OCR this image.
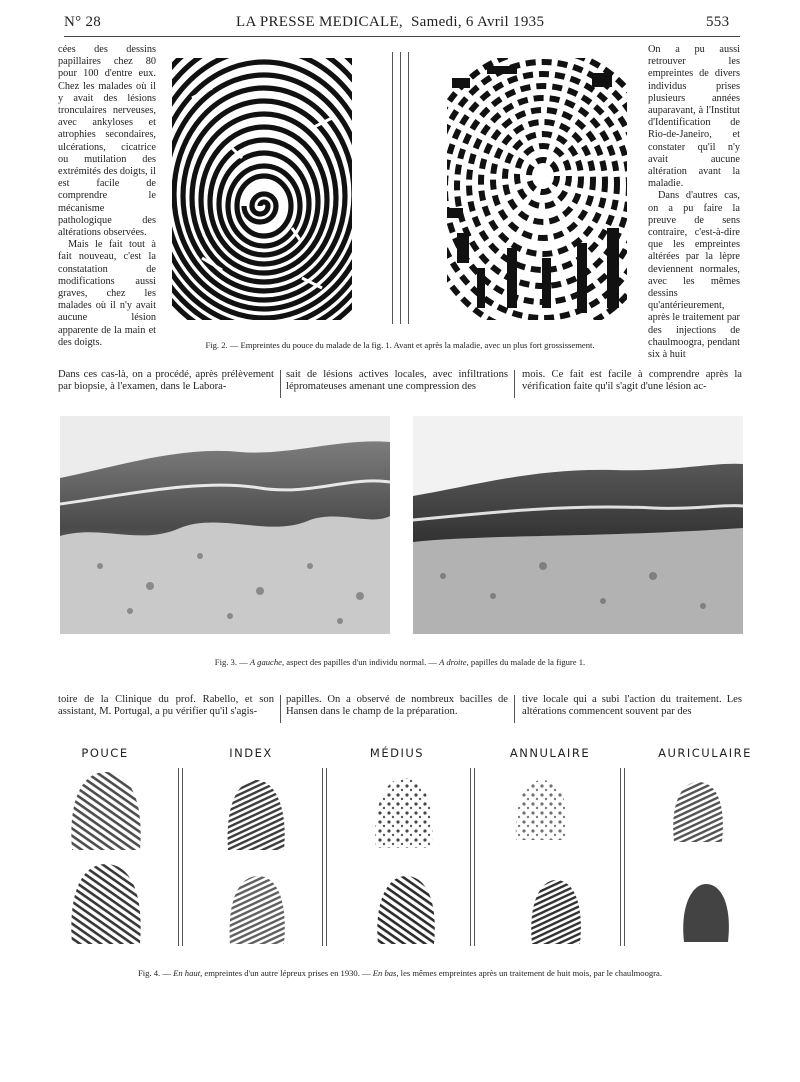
N° 28	LA PRESSE MEDICALE, Samedi, 6 Avril 1935	553

cées des dessins papillaires chez 80 pour 100 d'entre eux. Chez les malades où il y avait des lésions tronculaires nerveuses, avec ankyloses et atrophies secondaires, ulcérations, cicatrice ou mutilation des extrémités des doigts, il est facile de comprendre le mécanisme pathologique des altérations observées.

Mais le fait tout à fait nouveau, c'est la constatation de modifications aussi graves, chez les malades où il n'y avait aucune lésion apparente de la main et des doigts.

On a pu aussi retrouver les empreintes de divers individus prises plusieurs années auparavant, à l'Institut d'Identification de Rio-de-Janeiro, et constater qu'il n'y avait aucune altération avant la maladie.

Dans d'autres cas, on a pu faire la preuve de sens contraire, c'est-à-dire que les empreintes altérées par la lèpre deviennent normales, avec les mêmes dessins qu'antérieurement, après le traitement par des injections de chaulmoogra, pendant six à huit

Fig. 2. — Empreintes du pouce du malade de la fig. 1. Avant et après la maladie, avec un plus fort grossissement.
Dans ces cas-là, on a procédé, après prélèvement par biopsie, à l'examen, dans le Labora-
sait de lésions actives locales, avec infiltrations lépromateuses amenant une compression des
mois. Ce fait est facile à comprendre après la vérification faite qu'il s'agit d'une lésion ac-
Fig. 3. — A gauche, aspect des papilles d'un individu normal. — A droite, papilles du malade de la figure 1.
toire de la Clinique du prof. Rabello, et son assistant, M. Portugal, a pu vérifier qu'il s'agis-
papilles. On a observé de nombreux bacilles de Hansen dans le champ de la préparation.
tive locale qui a subi l'action du traitement. Les altérations commencent souvent par des
POUCE	INDEX	MÉDIUS	ANNULAIRE	AURICULAIRE
Fig. 4. — En haut, empreintes d'un autre lépreux prises en 1930. — En bas, les mêmes empreintes après un traitement de huit mois, par le chaulmoogra.
